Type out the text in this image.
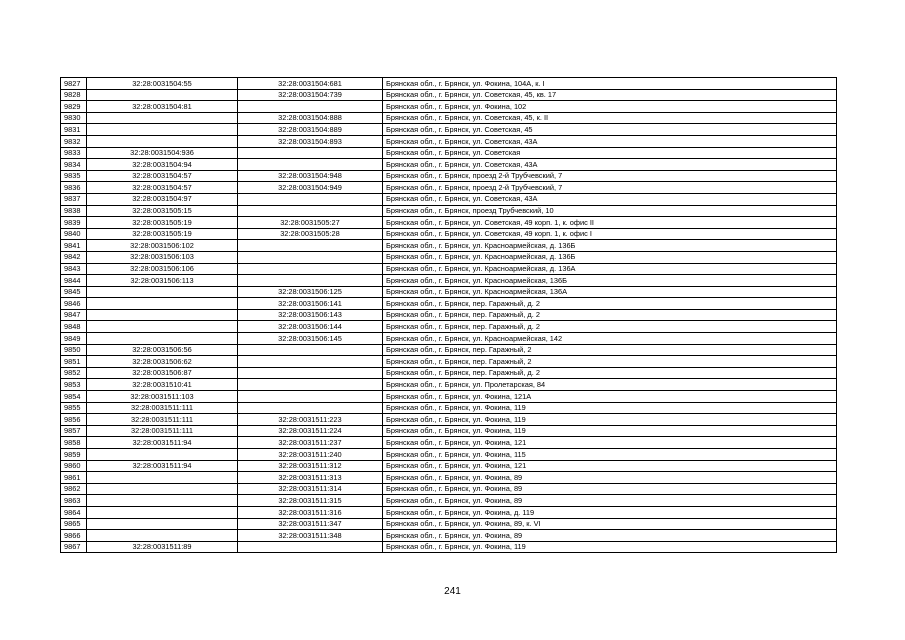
9827	32:28:0031504:55	32:28:0031504:681	Брянская обл., г. Брянск, ул. Фокина, 104А, к. I
9828		32:28:0031504:739	Брянская обл., г. Брянск, ул. Советская, 45, кв. 17
9829	32:28:0031504:81		Брянская обл., г. Брянск, ул. Фокина, 102
9830		32:28:0031504:888	Брянская обл., г. Брянск, ул. Советская, 45, к. II
9831		32:28:0031504:889	Брянская обл., г. Брянск, ул. Советская, 45
9832		32:28:0031504:893	Брянская обл., г. Брянск, ул. Советская, 43А
9833	32:28:0031504:936		Брянская обл., г. Брянск, ул. Советская
9834	32:28:0031504:94		Брянская обл., г. Брянск, ул. Советская, 43А
9835	32:28:0031504:57	32:28:0031504:948	Брянская обл., г. Брянск, проезд 2-й Трубчевский, 7
9836	32:28:0031504:57	32:28:0031504:949	Брянская обл., г. Брянск, проезд 2-й Трубчевский, 7
9837	32:28:0031504:97		Брянская обл., г. Брянск, ул. Советская, 43А
9838	32:28:0031505:15		Брянская обл., г. Брянск, проезд Трубчевский, 10
9839	32:28:0031505:19	32:28:0031505:27	Брянская обл., г. Брянск, ул. Советская, 49 корп. 1, к. офис II
9840	32:28:0031505:19	32:28:0031505:28	Брянская обл., г. Брянск, ул. Советская, 49 корп. 1, к. офис I
9841	32:28:0031506:102		Брянская обл., г. Брянск, ул. Красноармейская, д. 136Б
9842	32:28:0031506:103		Брянская обл., г. Брянск, ул. Красноармейская, д. 136Б
9843	32:28:0031506:106		Брянская обл., г. Брянск, ул. Красноармейская, д. 136А
9844	32:28:0031506:113		Брянская обл., г. Брянск, ул. Красноармейская, 136Б
9845		32:28:0031506:125	Брянская обл., г. Брянск, ул. Красноармейская, 136А
9846		32:28:0031506:141	Брянская обл., г. Брянск, пер. Гаражный, д. 2
9847		32:28:0031506:143	Брянская обл., г. Брянск, пер. Гаражный, д. 2
9848		32:28:0031506:144	Брянская обл., г. Брянск, пер. Гаражный, д. 2
9849		32:28:0031506:145	Брянская обл., г. Брянск, ул. Красноармейская, 142
9850	32:28:0031506:56		Брянская обл., г. Брянск, пер. Гаражный, 2
9851	32:28:0031506:62		Брянская обл., г. Брянск, пер. Гаражный, 2
9852	32:28:0031506:87		Брянская обл., г. Брянск, пер. Гаражный, д. 2
9853	32:28:0031510:41		Брянская обл., г. Брянск, ул. Пролетарская, 84
9854	32:28:0031511:103		Брянская обл., г. Брянск, ул. Фокина, 121А
9855	32:28:0031511:111		Брянская обл., г. Брянск, ул. Фокина, 119
9856	32:28:0031511:111	32:28:0031511:223	Брянская обл., г. Брянск, ул. Фокина, 119
9857	32:28:0031511:111	32:28:0031511:224	Брянская обл., г. Брянск, ул. Фокина, 119
9858	32:28:0031511:94	32:28:0031511:237	Брянская обл., г. Брянск, ул. Фокина, 121
9859		32:28:0031511:240	Брянская обл., г. Брянск, ул. Фокина, 115
9860	32:28:0031511:94	32:28:0031511:312	Брянская обл., г. Брянск, ул. Фокина, 121
9861		32:28:0031511:313	Брянская обл., г. Брянск, ул. Фокина, 89
9862		32:28:0031511:314	Брянская обл., г. Брянск, ул. Фокина, 89
9863		32:28:0031511:315	Брянская обл., г. Брянск, ул. Фокина, 89
9864		32:28:0031511:316	Брянская обл., г. Брянск, ул. Фокина, д. 119
9865		32:28:0031511:347	Брянская обл., г. Брянск, ул. Фокина, 89, к. VI
9866		32:28:0031511:348	Брянская обл., г. Брянск, ул. Фокина, 89
9867	32:28:0031511:89		Брянская обл., г. Брянск, ул. Фокина, 119
241
